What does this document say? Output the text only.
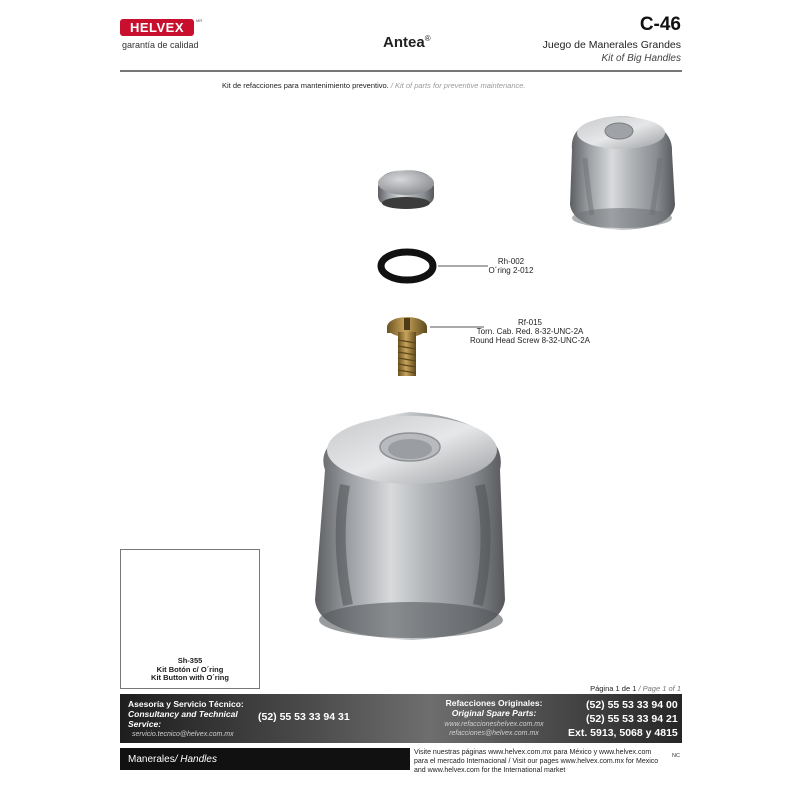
HELVEX	MR
garantía de calidad	Antea®
C-46
Juego de Manerales Grandes
Kit of Big Handles
Kit de refacciones para mantenimiento preventivo. / Kit of parts for preventive maintenance.
Rh-002
O´ring 2-012
Rf-015
Torn. Cab. Red. 8-32-UNC-2A
Round Head Screw 8-32-UNC-2A
Sh-355
Kit Botón c/ O´ring
Kit Button with O´ring
Página 1 de 1 / Page 1 of 1
Asesoría y Servicio Técnico:
Consultancy and Technical
Service:
servicio.tecnico@helvex.com.mx
(52) 55 53 33 94 31
Refacciones Originales:
Original Spare Parts:
www.refaccioneshelvex.com.mx
refacciones@helvex.com.mx
(52) 55 53 33 94 00
(52) 55 53 33 94 21
Ext. 5913, 5068 y 4815
Manerales / Handles
Visite nuestras páginas www.helvex.com.mx para México y www.helvex.com
para el mercado Internacional / Visit our pages www.helvex.com.mx for Mexico
and www.helvex.com for the International market
NC
